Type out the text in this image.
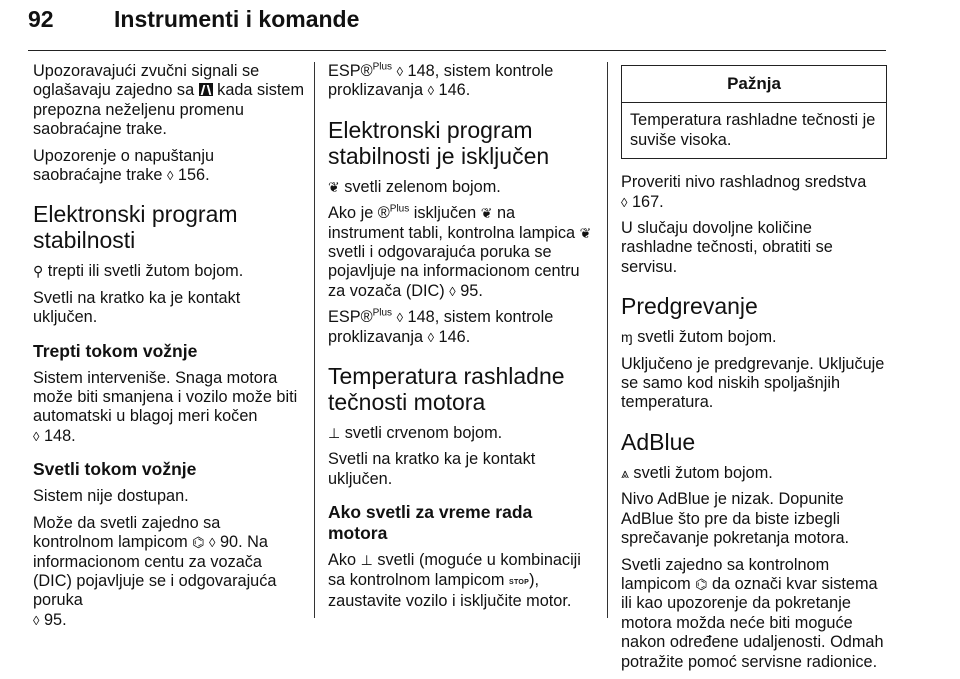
92	Instrumenti i komande

Upozoravajući zvučni signali se oglašavaju zajedno sa  kada sistem prepozna neželjenu promenu saobraćajne trake.

Upozorenje o napuštanju saobraćajne trake ◊ 156.

Elektronski program stabilnosti

⚲ trepti ili svetli žutom bojom.

Svetli na kratko ka je kontakt uključen.

Trepti tokom vožnje

Sistem interveniše. Snaga motora može biti smanjena i vozilo može biti automatski u blagoj meri kočen
◊ 148.

Svetli tokom vožnje

Sistem nije dostupan.

Može da svetli zajedno sa kontrolnom lampicom ⌬ ◊ 90. Na informacionom centu za vozača (DIC) pojavljuje se i odgovarajuća poruka
◊ 95.

ESP®$^{Plus}$ ◊ 148, sistem kontrole proklizavanja ◊ 146.

Elektronski program stabilnosti je isključen

❦ svetli zelenom bojom.

Ako je ®$^{Plus}$ isključen ❦ na instrument tabli, kontrolna lampica ❦ svetli i odgovarajuća poruka se pojavljuje na informacionom centru za vozača (DIC) ◊ 95.

ESP®$^{Plus}$ ◊ 148, sistem kontrole proklizavanja ◊ 146.

Temperatura rashladne tečnosti motora

⊥ svetli crvenom bojom.

Svetli na kratko ka je kontakt uključen.

Ako svetli za vreme rada motora

Ako ⊥ svetli (moguće u kombinaciji sa kontrolnom lampicom STOP), zaustavite vozilo i isključite motor.

Pažnja
Temperatura rashladne tečnosti je suviše visoka.

Proveriti nivo rashladnog sredstva
◊ 167.

U slučaju dovoljne količine rashladne tečnosti, obratiti se servisu.

Predgrevanje

ɱ svetli žutom bojom.

Uključeno je predgrevanje. Uključuje se samo kod niskih spoljašnjih temperatura.

AdBlue

⩓ svetli žutom bojom.

Nivo AdBlue je nizak. Dopunite AdBlue što pre da biste izbegli sprečavanje pokretanja motora.

Svetli zajedno sa kontrolnom lampicom ⌬ da označi kvar sistema ili kao upozorenje da pokretanje motora možda neće biti moguće nakon određene udaljenosti. Odmah potražite pomoć servisne radionice.
